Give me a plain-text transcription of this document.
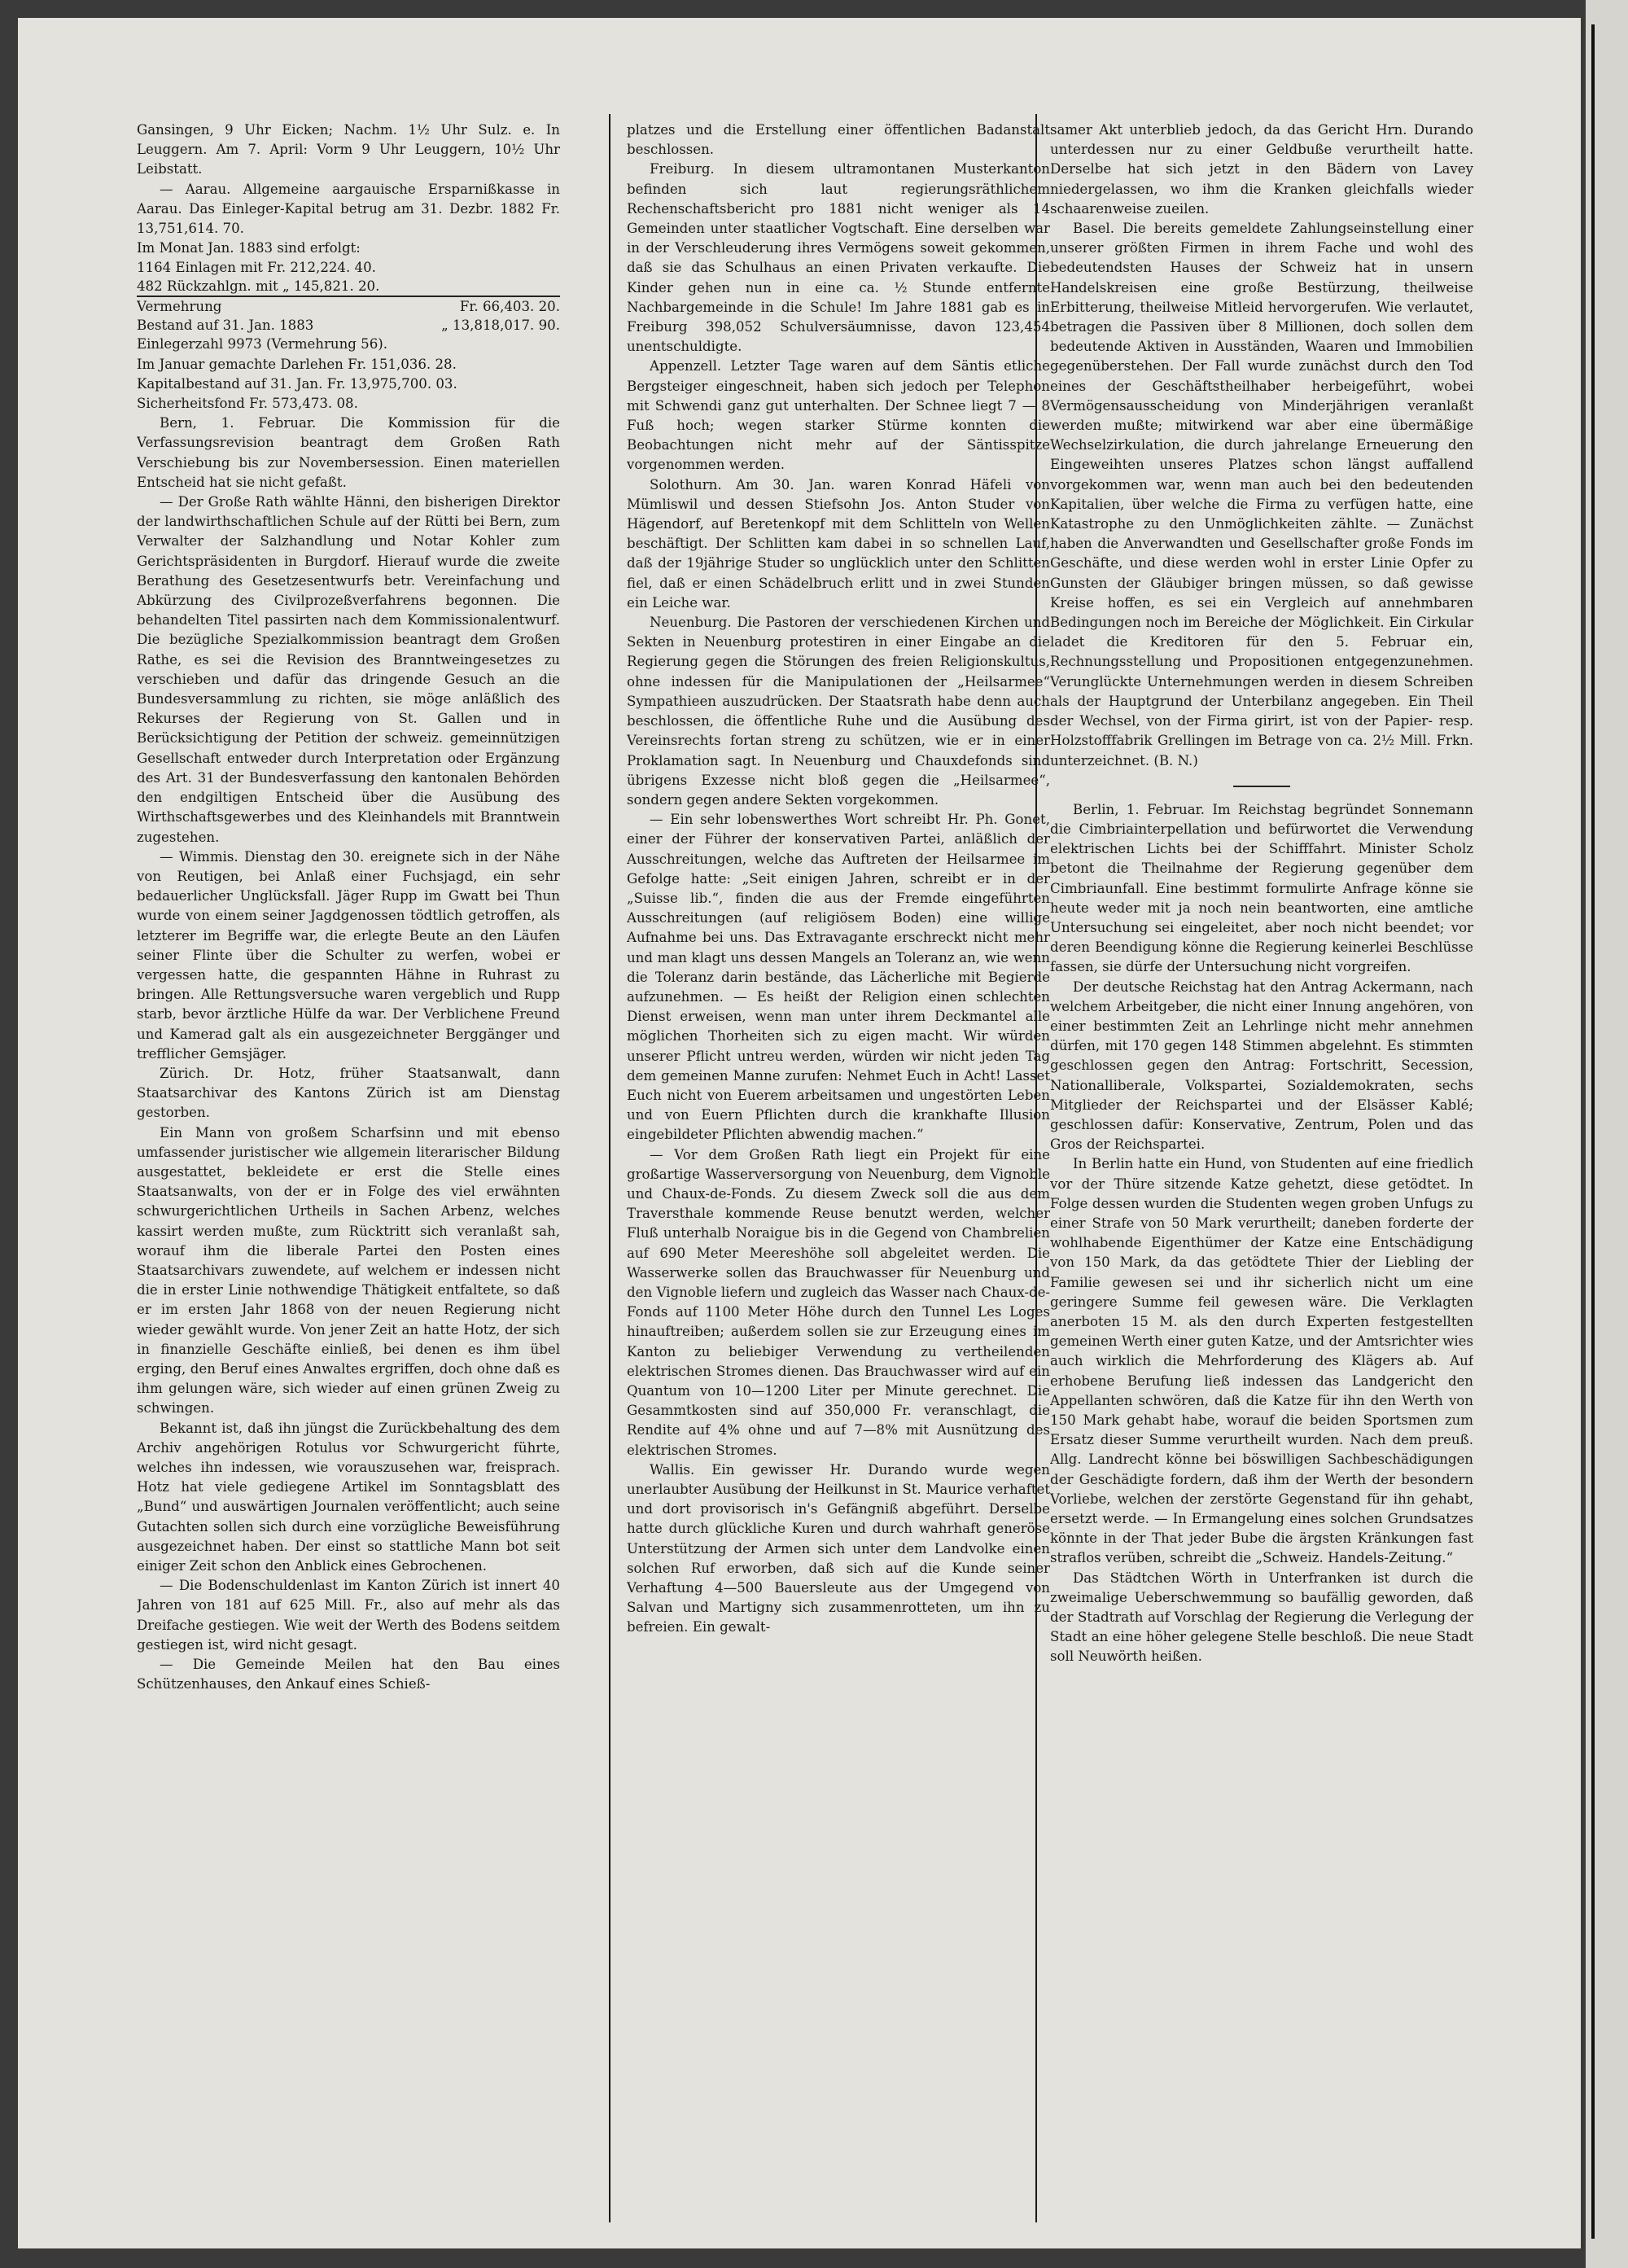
Gansingen, 9 Uhr Eicken; Nachm. 1½ Uhr Sulz. e. In Leuggern. Am 7. April: Vorm 9 Uhr Leuggern, 10½ Uhr Leibstatt.

— Aarau. Allgemeine aargauische Ersparnißkasse in Aarau. Das Einleger-Kapital betrug am 31. Dezbr. 1882 Fr. 13,751,614. 70.

Im Monat Jan. 1883 sind erfolgt:

1164 Einlagen mit Fr. 212,224. 40.	
482 Rückzahlgn. mit „ 145,821. 20.	
Vermehrung	Fr. 66,403. 20.
Bestand auf 31. Jan. 1883	„ 13,818,017. 90.

Einlegerzahl 9973 (Vermehrung 56).

Im Januar gemachte Darlehen Fr. 151,036. 28.

Kapitalbestand auf 31. Jan. Fr. 13,975,700. 03.

Sicherheitsfond Fr. 573,473. 08.

Bern, 1. Februar. Die Kommission für die Verfassungsrevision beantragt dem Großen Rath Verschiebung bis zur Novembersession. Einen materiellen Entscheid hat sie nicht gefaßt.

— Der Große Rath wählte Hänni, den bisherigen Direktor der landwirthschaftlichen Schule auf der Rütti bei Bern, zum Verwalter der Salzhandlung und Notar Kohler zum Gerichtspräsidenten in Burgdorf. Hierauf wurde die zweite Berathung des Gesetzesentwurfs betr. Vereinfachung und Abkürzung des Civilprozeßverfahrens begonnen. Die behandelten Titel passirten nach dem Kommissionalentwurf. Die bezügliche Spezialkommission beantragt dem Großen Rathe, es sei die Revision des Branntweingesetzes zu verschieben und dafür das dringende Gesuch an die Bundesversammlung zu richten, sie möge anläßlich des Rekurses der Regierung von St. Gallen und in Berücksichtigung der Petition der schweiz. gemeinnützigen Gesellschaft entweder durch Interpretation oder Ergänzung des Art. 31 der Bundesverfassung den kantonalen Behörden den endgiltigen Entscheid über die Ausübung des Wirthschaftsgewerbes und des Kleinhandels mit Branntwein zugestehen.

— Wimmis. Dienstag den 30. ereignete sich in der Nähe von Reutigen, bei Anlaß einer Fuchsjagd, ein sehr bedauerlicher Unglücksfall. Jäger Rupp im Gwatt bei Thun wurde von einem seiner Jagdgenossen tödtlich getroffen, als letzterer im Begriffe war, die erlegte Beute an den Läufen seiner Flinte über die Schulter zu werfen, wobei er vergessen hatte, die gespannten Hähne in Ruhrast zu bringen. Alle Rettungsversuche waren vergeblich und Rupp starb, bevor ärztliche Hülfe da war. Der Verblichene Freund und Kamerad galt als ein ausgezeichneter Berggänger und trefflicher Gemsjäger.

Zürich. Dr. Hotz, früher Staatsanwalt, dann Staatsarchivar des Kantons Zürich ist am Dienstag gestorben.

Ein Mann von großem Scharfsinn und mit ebenso umfassender juristischer wie allgemein literarischer Bildung ausgestattet, bekleidete er erst die Stelle eines Staatsanwalts, von der er in Folge des viel erwähnten schwurgerichtlichen Urtheils in Sachen Arbenz, welches kassirt werden mußte, zum Rücktritt sich veranlaßt sah, worauf ihm die liberale Partei den Posten eines Staatsarchivars zuwendete, auf welchem er indessen nicht die in erster Linie nothwendige Thätigkeit entfaltete, so daß er im ersten Jahr 1868 von der neuen Regierung nicht wieder gewählt wurde. Von jener Zeit an hatte Hotz, der sich in finanzielle Geschäfte einließ, bei denen es ihm übel erging, den Beruf eines Anwaltes ergriffen, doch ohne daß es ihm gelungen wäre, sich wieder auf einen grünen Zweig zu schwingen.

Bekannt ist, daß ihn jüngst die Zurückbehaltung des dem Archiv angehörigen Rotulus vor Schwurgericht führte, welches ihn indessen, wie vorauszusehen war, freisprach. Hotz hat viele gediegene Artikel im Sonntagsblatt des „Bund“ und auswärtigen Journalen veröffentlicht; auch seine Gutachten sollen sich durch eine vorzügliche Beweisführung ausgezeichnet haben. Der einst so stattliche Mann bot seit einiger Zeit schon den Anblick eines Gebrochenen.

— Die Bodenschuldenlast im Kanton Zürich ist innert 40 Jahren von 181 auf 625 Mill. Fr., also auf mehr als das Dreifache gestiegen. Wie weit der Werth des Bodens seitdem gestiegen ist, wird nicht gesagt.

— Die Gemeinde Meilen hat den Bau eines Schützenhauses, den Ankauf eines Schieß-

platzes und die Erstellung einer öffentlichen Badanstalt beschlossen.

Freiburg. In diesem ultramontanen Musterkanton befinden sich laut regierungsräthlichem Rechenschaftsbericht pro 1881 nicht weniger als 14 Gemeinden unter staatlicher Vogtschaft. Eine derselben war in der Verschleuderung ihres Vermögens soweit gekommen, daß sie das Schulhaus an einen Privaten verkaufte. Die Kinder gehen nun in eine ca. ½ Stunde entfernte Nachbargemeinde in die Schule! Im Jahre 1881 gab es in Freiburg 398,052 Schulversäumnisse, davon 123,454 unentschuldigte.

Appenzell. Letzter Tage waren auf dem Säntis etliche Bergsteiger eingeschneit, haben sich jedoch per Telephon mit Schwendi ganz gut unterhalten. Der Schnee liegt 7 — 8 Fuß hoch; wegen starker Stürme konnten die Beobachtungen nicht mehr auf der Säntisspitze vorgenommen werden.

Solothurn. Am 30. Jan. waren Konrad Häfeli von Mümliswil und dessen Stiefsohn Jos. Anton Studer von Hägendorf, auf Beretenkopf mit dem Schlitteln von Wellen beschäftigt. Der Schlitten kam dabei in so schnellen Lauf, daß der 19jährige Studer so unglücklich unter den Schlitten fiel, daß er einen Schädelbruch erlitt und in zwei Stunden ein Leiche war.

Neuenburg. Die Pastoren der verschiedenen Kirchen und Sekten in Neuenburg protestiren in einer Eingabe an die Regierung gegen die Störungen des freien Religionskultus, ohne indessen für die Manipulationen der „Heilsarmee“ Sympathieen auszudrücken. Der Staatsrath habe denn auch beschlossen, die öffentliche Ruhe und die Ausübung des Vereinsrechts fortan streng zu schützen, wie er in einer Proklamation sagt. In Neuenburg und Chauxdefonds sind übrigens Exzesse nicht bloß gegen die „Heilsarmee“, sondern gegen andere Sekten vorgekommen.

— Ein sehr lobenswerthes Wort schreibt Hr. Ph. Gonet, einer der Führer der konservativen Partei, anläßlich der Ausschreitungen, welche das Auftreten der Heilsarmee im Gefolge hatte: „Seit einigen Jahren, schreibt er in der „Suisse lib.“, finden die aus der Fremde eingeführten Ausschreitungen (auf religiösem Boden) eine willige Aufnahme bei uns. Das Extravagante erschreckt nicht mehr und man klagt uns dessen Mangels an Toleranz an, wie wenn die Toleranz darin bestände, das Lächerliche mit Begierde aufzunehmen. — Es heißt der Religion einen schlechten Dienst erweisen, wenn man unter ihrem Deckmantel alle möglichen Thorheiten sich zu eigen macht. Wir würden unserer Pflicht untreu werden, würden wir nicht jeden Tag dem gemeinen Manne zurufen: Nehmet Euch in Acht! Lasset Euch nicht von Euerem arbeitsamen und ungestörten Leben und von Euern Pflichten durch die krankhafte Illusion eingebildeter Pflichten abwendig machen.“

— Vor dem Großen Rath liegt ein Projekt für eine großartige Wasserversorgung von Neuenburg, dem Vignoble und Chaux-de-Fonds. Zu diesem Zweck soll die aus dem Traversthale kommende Reuse benutzt werden, welcher Fluß unterhalb Noraigue bis in die Gegend von Chambrelien auf 690 Meter Meereshöhe soll abgeleitet werden. Die Wasserwerke sollen das Brauchwasser für Neuenburg und den Vignoble liefern und zugleich das Wasser nach Chaux-de-Fonds auf 1100 Meter Höhe durch den Tunnel Les Loges hinauftreiben; außerdem sollen sie zur Erzeugung eines im Kanton zu beliebiger Verwendung zu vertheilenden elektrischen Stromes dienen. Das Brauchwasser wird auf ein Quantum von 10—1200 Liter per Minute gerechnet. Die Gesammtkosten sind auf 350,000 Fr. veranschlagt, die Rendite auf 4% ohne und auf 7—8% mit Ausnützung des elektrischen Stromes.

Wallis. Ein gewisser Hr. Durando wurde wegen unerlaubter Ausübung der Heilkunst in St. Maurice verhaftet und dort provisorisch in's Gefängniß abgeführt. Derselbe hatte durch glückliche Kuren und durch wahrhaft generöse Unterstützung der Armen sich unter dem Landvolke einen solchen Ruf erworben, daß sich auf die Kunde seiner Verhaftung 4—500 Bauersleute aus der Umgegend von Salvan und Martigny sich zusammenrotteten, um ihn zu befreien. Ein gewalt-

samer Akt unterblieb jedoch, da das Gericht Hrn. Durando unterdessen nur zu einer Geldbuße verurtheilt hatte. Derselbe hat sich jetzt in den Bädern von Lavey niedergelassen, wo ihm die Kranken gleichfalls wieder schaarenweise zueilen.

Basel. Die bereits gemeldete Zahlungseinstellung einer unserer größten Firmen in ihrem Fache und wohl des bedeutendsten Hauses der Schweiz hat in unsern Handelskreisen eine große Bestürzung, theilweise Erbitterung, theilweise Mitleid hervorgerufen. Wie verlautet, betragen die Passiven über 8 Millionen, doch sollen dem bedeutende Aktiven in Ausständen, Waaren und Immobilien gegenüberstehen. Der Fall wurde zunächst durch den Tod eines der Geschäftstheilhaber herbeigeführt, wobei Vermögensausscheidung von Minderjährigen veranlaßt werden mußte; mitwirkend war aber eine übermäßige Wechselzirkulation, die durch jahrelange Erneuerung den Eingeweihten unseres Platzes schon längst auffallend vorgekommen war, wenn man auch bei den bedeutenden Kapitalien, über welche die Firma zu verfügen hatte, eine Katastrophe zu den Unmöglichkeiten zählte. — Zunächst haben die Anverwandten und Gesellschafter große Fonds im Geschäfte, und diese werden wohl in erster Linie Opfer zu Gunsten der Gläubiger bringen müssen, so daß gewisse Kreise hoffen, es sei ein Vergleich auf annehmbaren Bedingungen noch im Bereiche der Möglichkeit. Ein Cirkular ladet die Kreditoren für den 5. Februar ein, Rechnungsstellung und Propositionen entgegenzunehmen. Verunglückte Unternehmungen werden in diesem Schreiben als der Hauptgrund der Unterbilanz angegeben. Ein Theil der Wechsel, von der Firma girirt, ist von der Papier- resp. Holzstofffabrik Grellingen im Betrage von ca. 2½ Mill. Frkn. unterzeichnet. (B. N.)

Berlin, 1. Februar. Im Reichstag begründet Sonnemann die Cimbriainterpellation und befürwortet die Verwendung elektrischen Lichts bei der Schifffahrt. Minister Scholz betont die Theilnahme der Regierung gegenüber dem Cimbriaunfall. Eine bestimmt formulirte Anfrage könne sie heute weder mit ja noch nein beantworten, eine amtliche Untersuchung sei eingeleitet, aber noch nicht beendet; vor deren Beendigung könne die Regierung keinerlei Beschlüsse fassen, sie dürfe der Untersuchung nicht vorgreifen.

Der deutsche Reichstag hat den Antrag Ackermann, nach welchem Arbeitgeber, die nicht einer Innung angehören, von einer bestimmten Zeit an Lehrlinge nicht mehr annehmen dürfen, mit 170 gegen 148 Stimmen abgelehnt. Es stimmten geschlossen gegen den Antrag: Fortschritt, Secession, Nationalliberale, Volkspartei, Sozialdemokraten, sechs Mitglieder der Reichspartei und der Elsässer Kablé; geschlossen dafür: Konservative, Zentrum, Polen und das Gros der Reichspartei.

In Berlin hatte ein Hund, von Studenten auf eine friedlich vor der Thüre sitzende Katze gehetzt, diese getödtet. In Folge dessen wurden die Studenten wegen groben Unfugs zu einer Strafe von 50 Mark verurtheilt; daneben forderte der wohlhabende Eigenthümer der Katze eine Entschädigung von 150 Mark, da das getödtete Thier der Liebling der Familie gewesen sei und ihr sicherlich nicht um eine geringere Summe feil gewesen wäre. Die Verklagten anerboten 15 M. als den durch Experten festgestellten gemeinen Werth einer guten Katze, und der Amtsrichter wies auch wirklich die Mehrforderung des Klägers ab. Auf erhobene Berufung ließ indessen das Landgericht den Appellanten schwören, daß die Katze für ihn den Werth von 150 Mark gehabt habe, worauf die beiden Sportsmen zum Ersatz dieser Summe verurtheilt wurden. Nach dem preuß. Allg. Landrecht könne bei böswilligen Sachbeschädigungen der Geschädigte fordern, daß ihm der Werth der besondern Vorliebe, welchen der zerstörte Gegenstand für ihn gehabt, ersetzt werde. — In Ermangelung eines solchen Grundsatzes könnte in der That jeder Bube die ärgsten Kränkungen fast straflos verüben, schreibt die „Schweiz. Handels-Zeitung.“

Das Städtchen Wörth in Unterfranken ist durch die zweimalige Ueberschwemmung so baufällig geworden, daß der Stadtrath auf Vorschlag der Regierung die Verlegung der Stadt an eine höher gelegene Stelle beschloß. Die neue Stadt soll Neuwörth heißen.
